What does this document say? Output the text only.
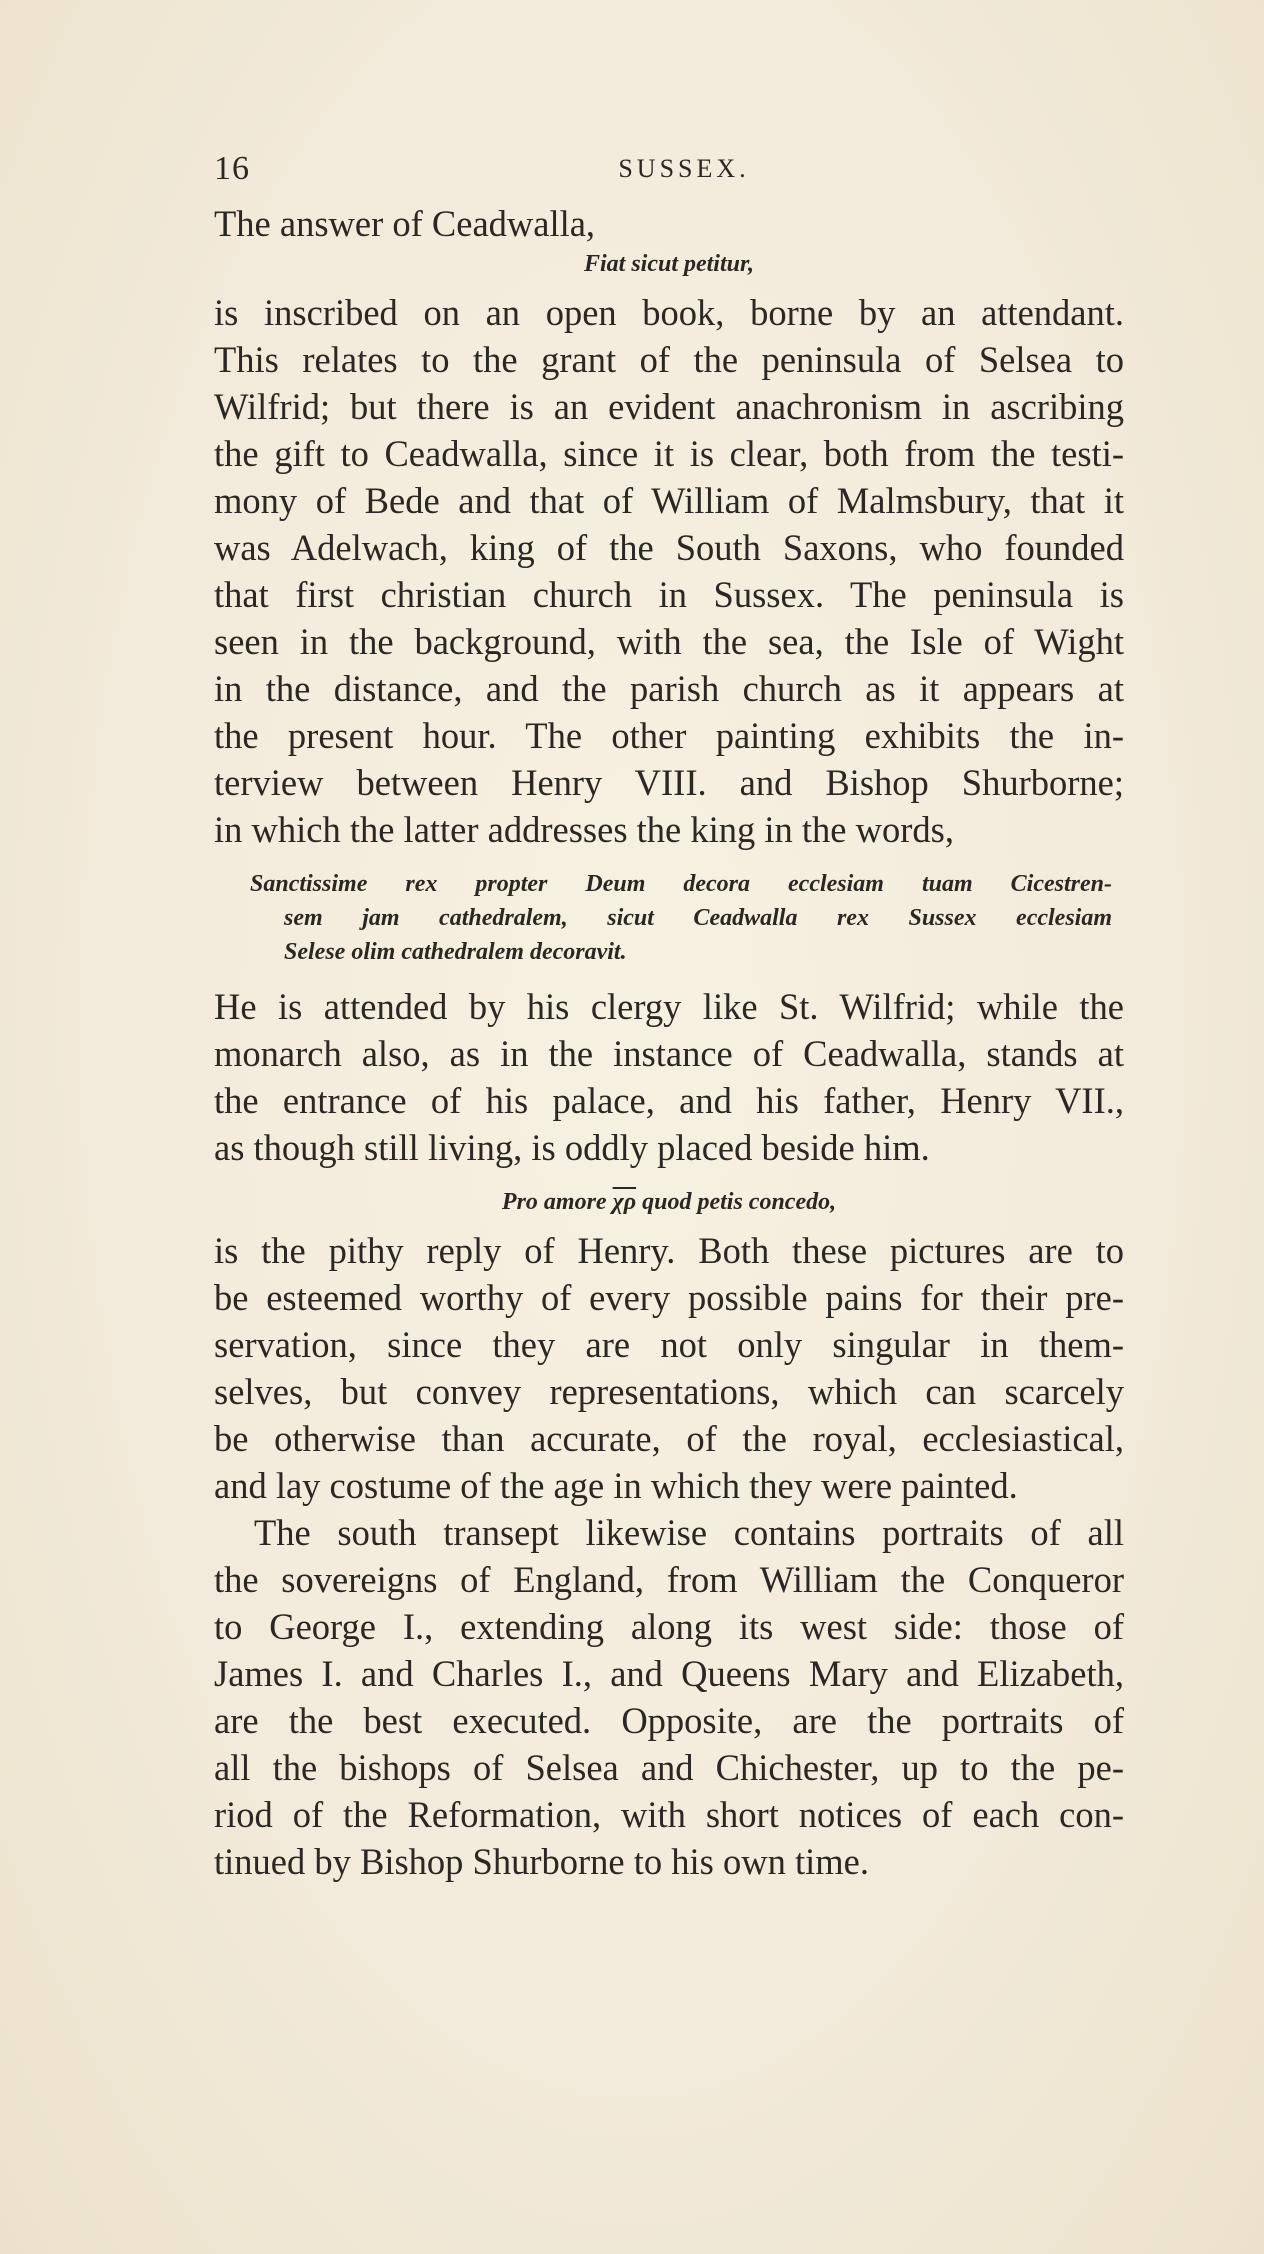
16	SUSSEX.
The answer of Ceadwalla,
Fiat sicut petitur,
is inscribed on an open book, borne by an attendant.
This relates to the grant of the peninsula of Selsea to
Wilfrid; but there is an evident anachronism in ascribing
the gift to Ceadwalla, since it is clear, both from the testi-
mony of Bede and that of William of Malmsbury, that it
was Adelwach, king of the South Saxons, who founded
that first christian church in Sussex. The peninsula is
seen in the background, with the sea, the Isle of Wight
in the distance, and the parish church as it appears at
the present hour. The other painting exhibits the in-
terview between Henry VIII. and Bishop Shurborne;
in which the latter addresses the king in the words,
Sanctissime rex propter Deum decora ecclesiam tuam Cicestren-
sem jam cathedralem, sicut Ceadwalla rex Sussex ecclesiam
Selese olim cathedralem decoravit.
He is attended by his clergy like St. Wilfrid; while the
monarch also, as in the instance of Ceadwalla, stands at
the entrance of his palace, and his father, Henry VII.,
as though still living, is oddly placed beside him.
Pro amore $\overline{\chi\rho}$ quod petis concedo,
is the pithy reply of Henry. Both these pictures are to
be esteemed worthy of every possible pains for their pre-
servation, since they are not only singular in them-
selves, but convey representations, which can scarcely
be otherwise than accurate, of the royal, ecclesiastical,
and lay costume of the age in which they were painted.
The south transept likewise contains portraits of all
the sovereigns of England, from William the Conqueror
to George I., extending along its west side: those of
James I. and Charles I., and Queens Mary and Elizabeth,
are the best executed. Opposite, are the portraits of
all the bishops of Selsea and Chichester, up to the pe-
riod of the Reformation, with short notices of each con-
tinued by Bishop Shurborne to his own time.
